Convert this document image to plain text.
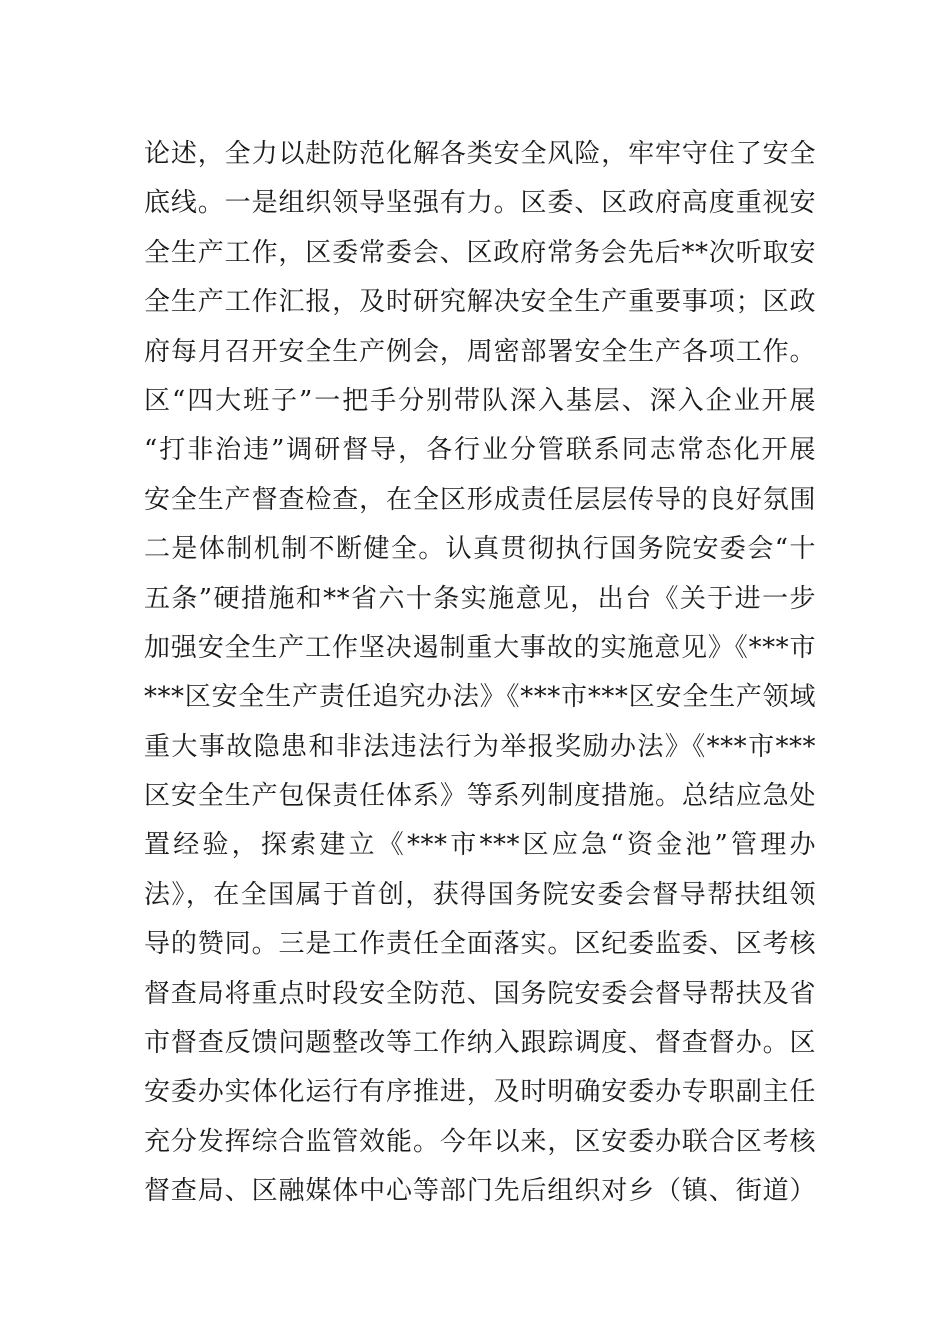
论述，全力以赴防范化解各类安全风险，牢牢守住了安全
底线。一是组织领导坚强有力。区委、区政府高度重视安
全生产工作，区委常委会、区政府常务会先后**次听取安
全生产工作汇报，及时研究解决安全生产重要事项；区政
府每月召开安全生产例会，周密部署安全生产各项工作。
区“四大班子”一把手分别带队深入基层、深入企业开展
“打非治违”调研督导，各行业分管联系同志常态化开展
安全生产督查检查，在全区形成责任层层传导的良好氛围
二是体制机制不断健全。认真贯彻执行国务院安委会“十
五条”硬措施和**省六十条实施意见，出台《关于进一步
加强安全生产工作坚决遏制重大事故的实施意见》《***市
***区安全生产责任追究办法》《***市***区安全生产领域
重大事故隐患和非法违法行为举报奖励办法》《***市***
区安全生产包保责任体系》等系列制度措施。总结应急处
置经验，探索建立《***市***区应急“资金池”管理办
法》，在全国属于首创，获得国务院安委会督导帮扶组领
导的赞同。三是工作责任全面落实。区纪委监委、区考核
督查局将重点时段安全防范、国务院安委会督导帮扶及省
市督查反馈问题整改等工作纳入跟踪调度、督查督办。区
安委办实体化运行有序推进，及时明确安委办专职副主任
充分发挥综合监管效能。今年以来，区安委办联合区考核
督查局、区融媒体中心等部门先后组织对乡（镇、街道）
